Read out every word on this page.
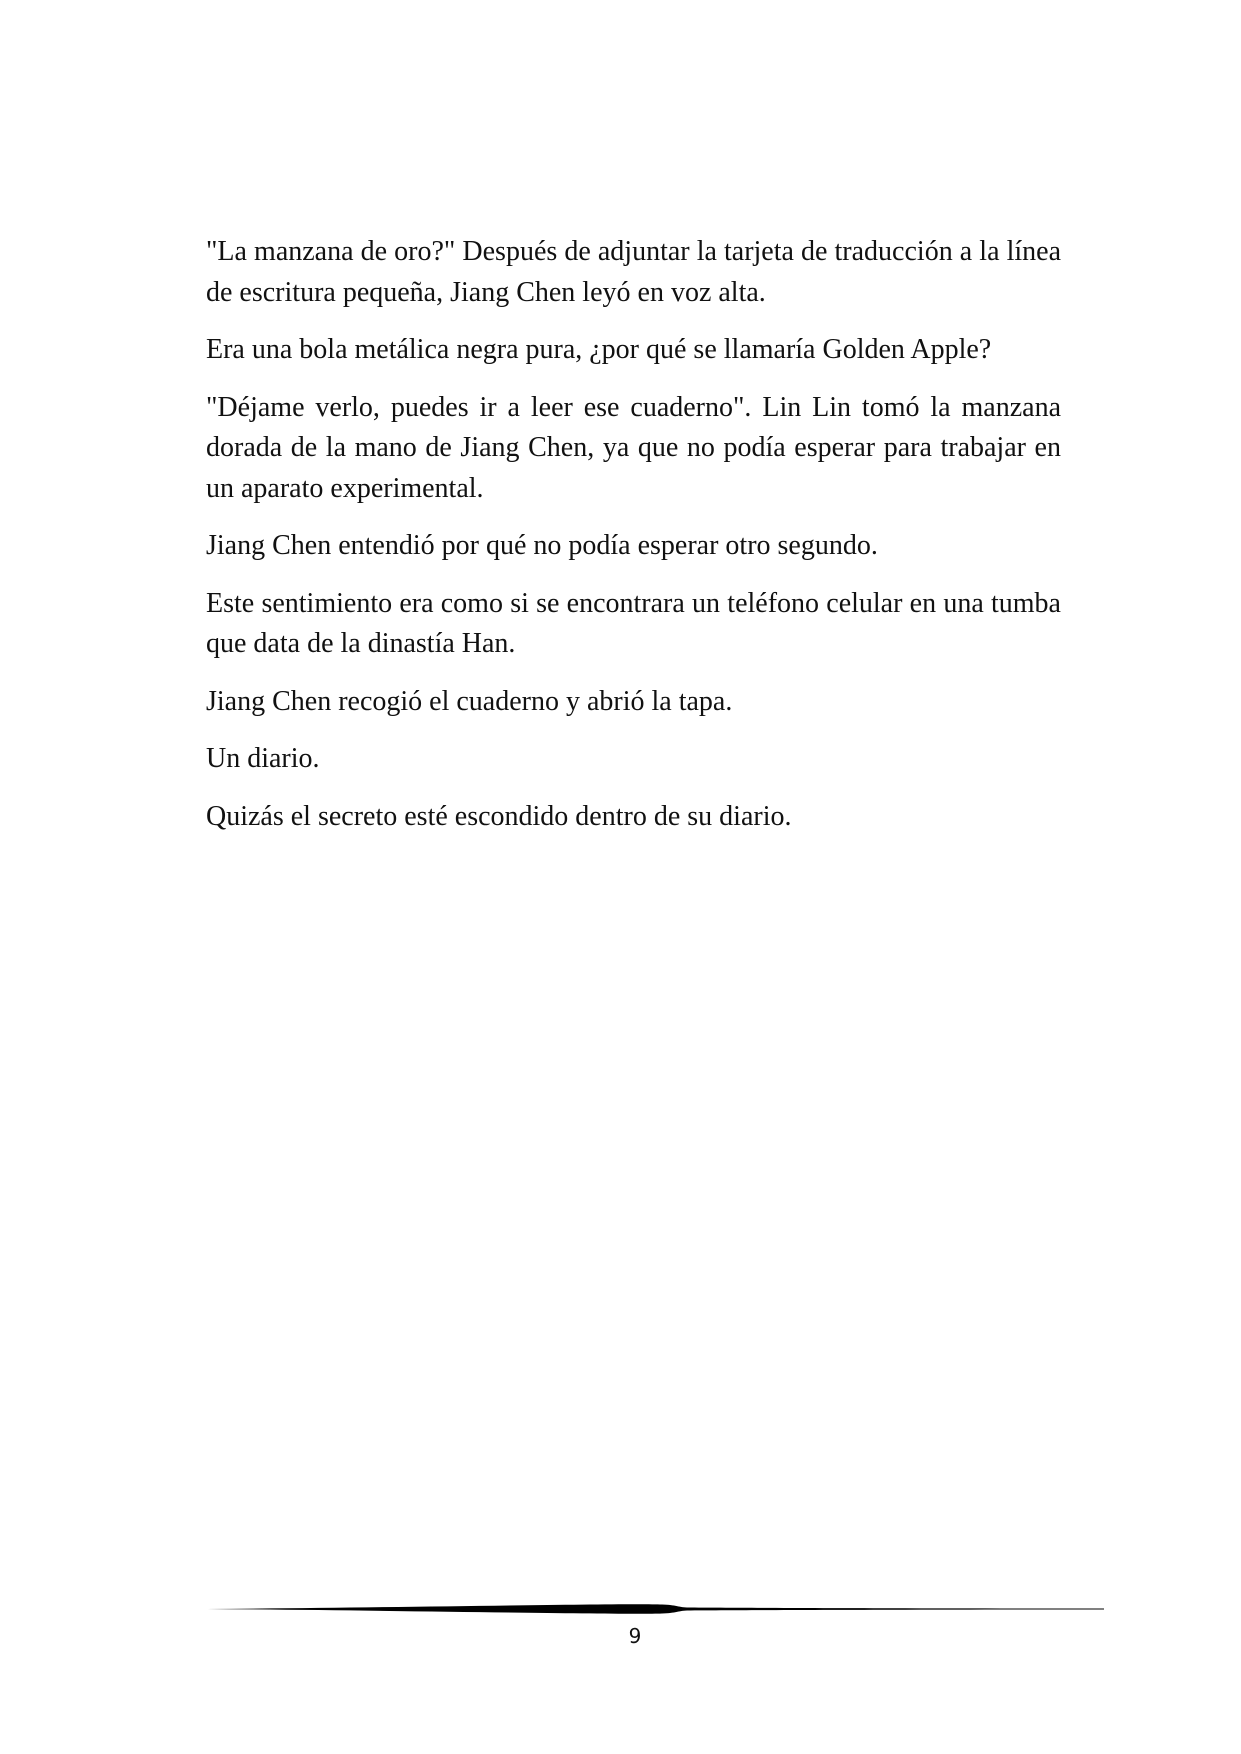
"La manzana de oro?" Después de adjuntar la tarjeta de traducción a la línea de escritura pequeña, Jiang Chen leyó en voz alta.

Era una bola metálica negra pura, ¿por qué se llamaría Golden Apple?

"Déjame verlo, puedes ir a leer ese cuaderno". Lin Lin tomó la manzana dorada de la mano de Jiang Chen, ya que no podía esperar para trabajar en un aparato experimental.

Jiang Chen entendió por qué no podía esperar otro segundo.

Este sentimiento era como si se encontrara un teléfono celular en una tumba que data de la dinastía Han.

Jiang Chen recogió el cuaderno y abrió la tapa.

Un diario.

Quizás el secreto esté escondido dentro de su diario.

9
